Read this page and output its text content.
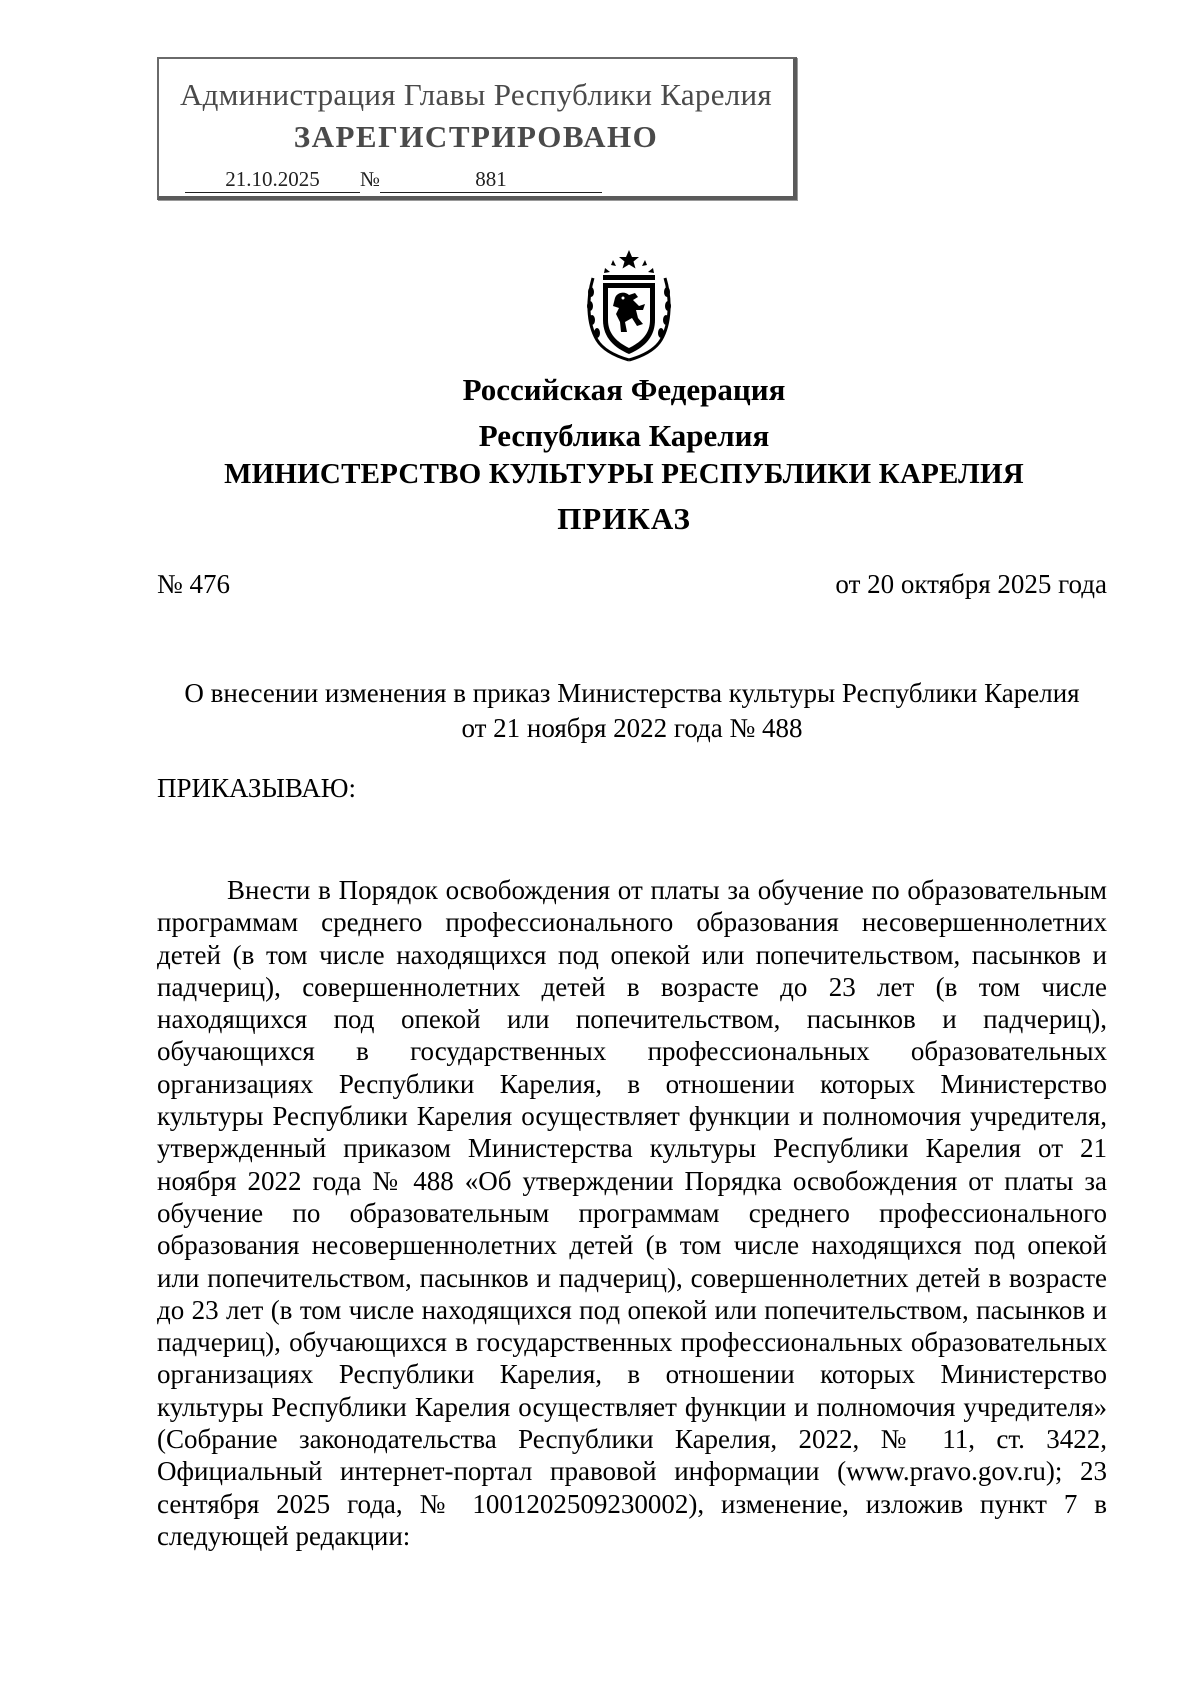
Администрация Главы Республики Карелия
ЗАРЕГИСТРИРОВАНО
21.10.2025 №	881
Российская Федерация
Республика Карелия
МИНИСТЕРСТВО КУЛЬТУРЫ РЕСПУБЛИКИ КАРЕЛИЯ
ПРИКАЗ
№ 476	от 20 октября 2025 года
О внесении изменения в приказ Министерства культуры Республики Карелия
от 21 ноября 2022 года № 488
ПРИКАЗЫВАЮ:
Внести в Порядок освобождения от платы за обучение по образовательным программам среднего профессионального образования несовершеннолетних детей (в том числе находящихся под опекой или попечительством, пасынков и падчериц), совершеннолетних детей в возрасте до 23 лет (в том числе находящихся под опекой или попечительством, пасынков и падчериц), обучающихся в государственных профессиональных образовательных организациях Республики Карелия, в отношении которых Министерство культуры Республики Карелия осуществляет функции и полномочия учредителя, утвержденный приказом Министерства культуры Республики Карелия от 21 ноября 2022 года № 488 «Об утверждении Порядка освобождения от платы за обучение по образовательным программам среднего профессионального образования несовершеннолетних детей (в том числе находящихся под опекой или попечительством, пасынков и падчериц), совершеннолетних детей в возрасте до 23 лет (в том числе находящихся под опекой или попечительством, пасынков и падчериц), обучающихся в государственных профессиональных образовательных организациях Республики Карелия, в отношении которых Министерство культуры Республики Карелия осуществляет функции и полномочия учредителя» (Собрание законодательства Республики Карелия, 2022, № 11, ст. 3422, Официальный интернет-портал правовой информации (www.pravo.gov.ru); 23 сентября 2025 года, № 1001202509230002), изменение, изложив пункт 7 в следующей редакции:
